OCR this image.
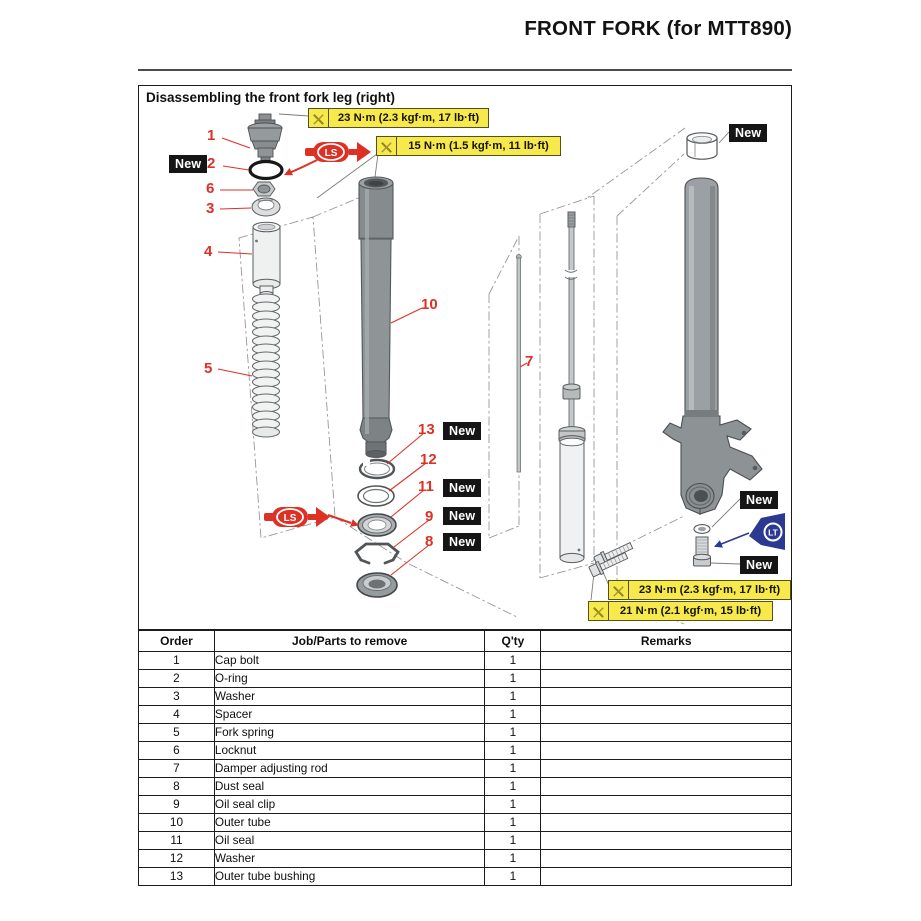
FRONT FORK (for MTT890)
LS
LS
LT
Disassembling the front fork leg (right)
23 N·m (2.3 kgf·m, 17 lb·ft)
15 N·m (1.5 kgf·m, 11 lb·ft)
23 N·m (2.3 kgf·m, 17 lb·ft)
21 N·m (2.1 kgf·m, 15 lb·ft)
New
New
New
New
New
New
New
New
1
2
6
3
4
5
10
7
13
12
11
9
8
Order	Job/Parts to remove	Q'ty	Remarks
1	Cap bolt	1	
2	O-ring	1	
3	Washer	1	
4	Spacer	1	
5	Fork spring	1	
6	Locknut	1	
7	Damper adjusting rod	1	
8	Dust seal	1	
9	Oil seal clip	1	
10	Outer tube	1	
11	Oil seal	1	
12	Washer	1	
13	Outer tube bushing	1	
